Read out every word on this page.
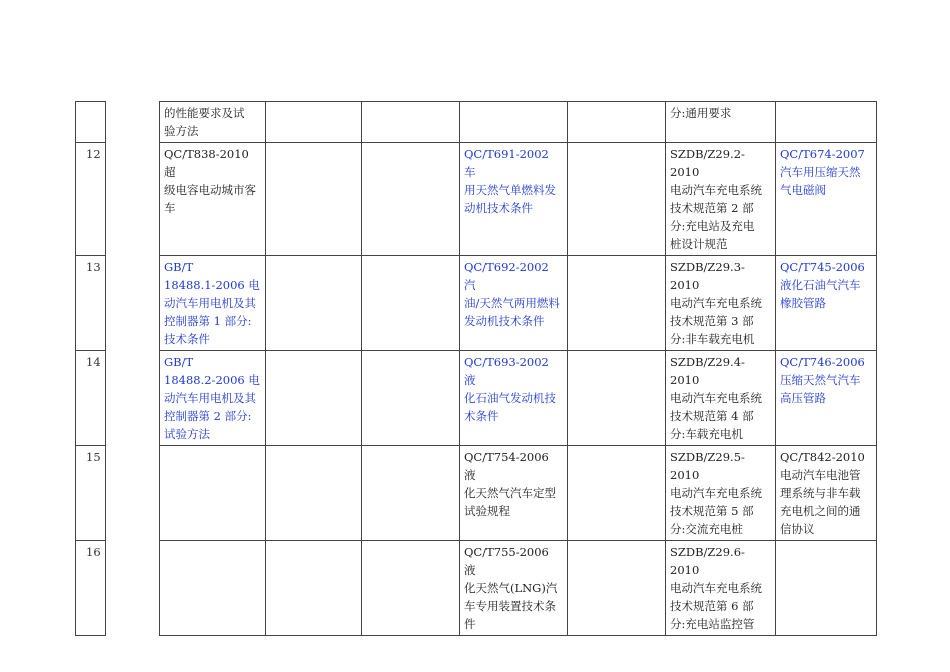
		的性能要求及试
验方法					分:通用要求	

12		QC/T838-2010 超
级电容电动城市客
车			QC/T691-2002 车
用天然气单燃料发
动机技术条件		SZDB/Z29.2-2010
电动汽车充电系统
技术规范第 2 部
分:充电站及充电
桩设计规范	QC/T674-2007
汽车用压缩天然
气电磁阀

13		GB/T
18488.1-2006 电
动汽车用电机及其
控制器第 1 部分:
技术条件			QC/T692-2002 汽
油/天然气两用燃料
发动机技术条件		SZDB/Z29.3-2010
电动汽车充电系统
技术规范第 3 部
分:非车载充电机	QC/T745-2006
液化石油气汽车
橡胶管路

14		GB/T
18488.2-2006 电
动汽车用电机及其
控制器第 2 部分:
试验方法			QC/T693-2002 液
化石油气发动机技
术条件		SZDB/Z29.4-2010
电动汽车充电系统
技术规范第 4 部
分:车载充电机	QC/T746-2006
压缩天然气汽车
高压管路

15					QC/T754-2006 液
化天然气汽车定型
试验规程		SZDB/Z29.5-2010
电动汽车充电系统
技术规范第 5 部
分:交流充电桩	QC/T842-2010
电动汽车电池管
理系统与非车载
充电机之间的通
信协议

16					QC/T755-2006 液
化天然气(LNG)汽
车专用装置技术条
件		SZDB/Z29.6-2010
电动汽车充电系统
技术规范第 6 部
分:充电站监控管	
